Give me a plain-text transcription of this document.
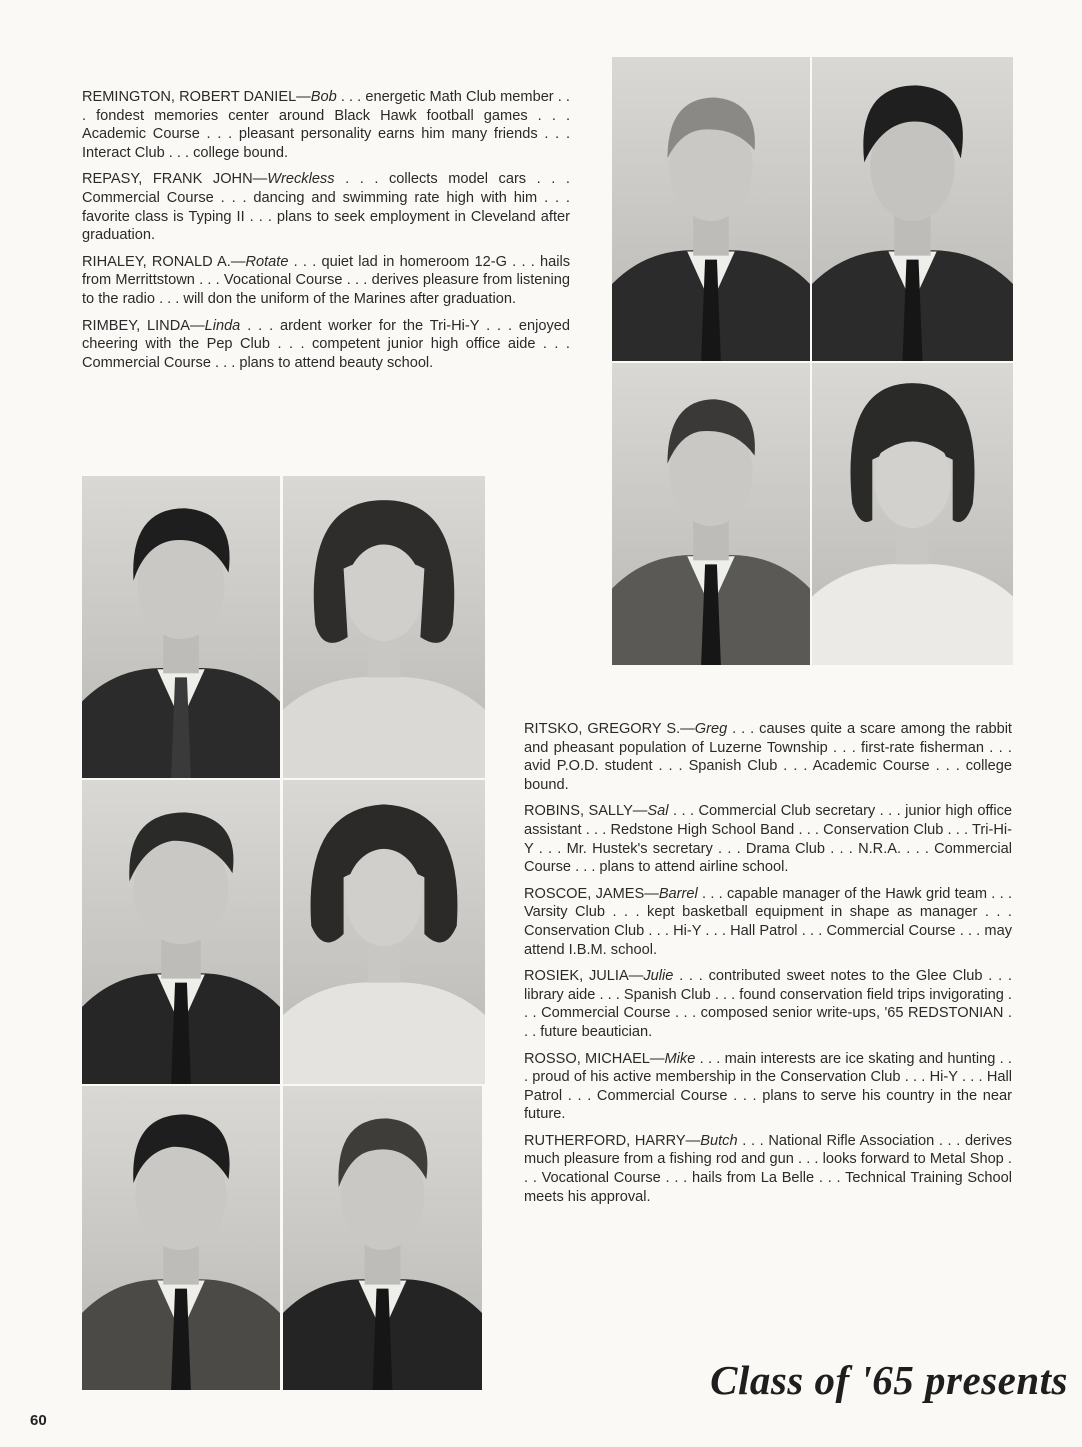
REMINGTON, ROBERT DANIEL—Bob . . . energetic Math Club member . . . fondest memories center around Black Hawk football games . . . Academic Course . . . pleasant personality earns him many friends . . . Interact Club . . . college bound.

REPASY, FRANK JOHN—Wreckless . . . collects model cars . . . Commercial Course . . . dancing and swimming rate high with him . . . favorite class is Typing II . . . plans to seek employment in Cleveland after graduation.

RIHALEY, RONALD A.—Rotate . . . quiet lad in homeroom 12-G . . . hails from Merrittstown . . . Vocational Course . . . derives pleasure from listening to the radio . . . will don the uniform of the Marines after graduation.

RIMBEY, LINDA—Linda . . . ardent worker for the Tri-Hi-Y . . . enjoyed cheering with the Pep Club . . . competent junior high office aide . . . Commercial Course . . . plans to attend beauty school.

RITSKO, GREGORY S.—Greg . . . causes quite a scare among the rabbit and pheasant population of Luzerne Township . . . first-rate fisherman . . . avid P.O.D. student . . . Spanish Club . . . Academic Course . . . college bound.

ROBINS, SALLY—Sal . . . Commercial Club secretary . . . junior high office assistant . . . Redstone High School Band . . . Conservation Club . . . Tri-Hi-Y . . . Mr. Hustek's secretary . . . Drama Club . . . N.R.A. . . . Commercial Course . . . plans to attend airline school.

ROSCOE, JAMES—Barrel . . . capable manager of the Hawk grid team . . . Varsity Club . . . kept basketball equipment in shape as manager . . . Conservation Club . . . Hi-Y . . . Hall Patrol . . . Commercial Course . . . may attend I.B.M. school.

ROSIEK, JULIA—Julie . . . contributed sweet notes to the Glee Club . . . library aide . . . Spanish Club . . . found conservation field trips invigorating . . . Commercial Course . . . composed senior write-ups, '65 REDSTONIAN . . . future beautician.

ROSSO, MICHAEL—Mike . . . main interests are ice skating and hunting . . . proud of his active membership in the Conservation Club . . . Hi-Y . . . Hall Patrol . . . Commercial Course . . . plans to serve his country in the near future.

RUTHERFORD, HARRY—Butch . . . National Rifle Association . . . derives much pleasure from a fishing rod and gun . . . looks forward to Metal Shop . . . Vocational Course . . . hails from La Belle . . . Technical Training School meets his approval.

Class of '65 presents
60
